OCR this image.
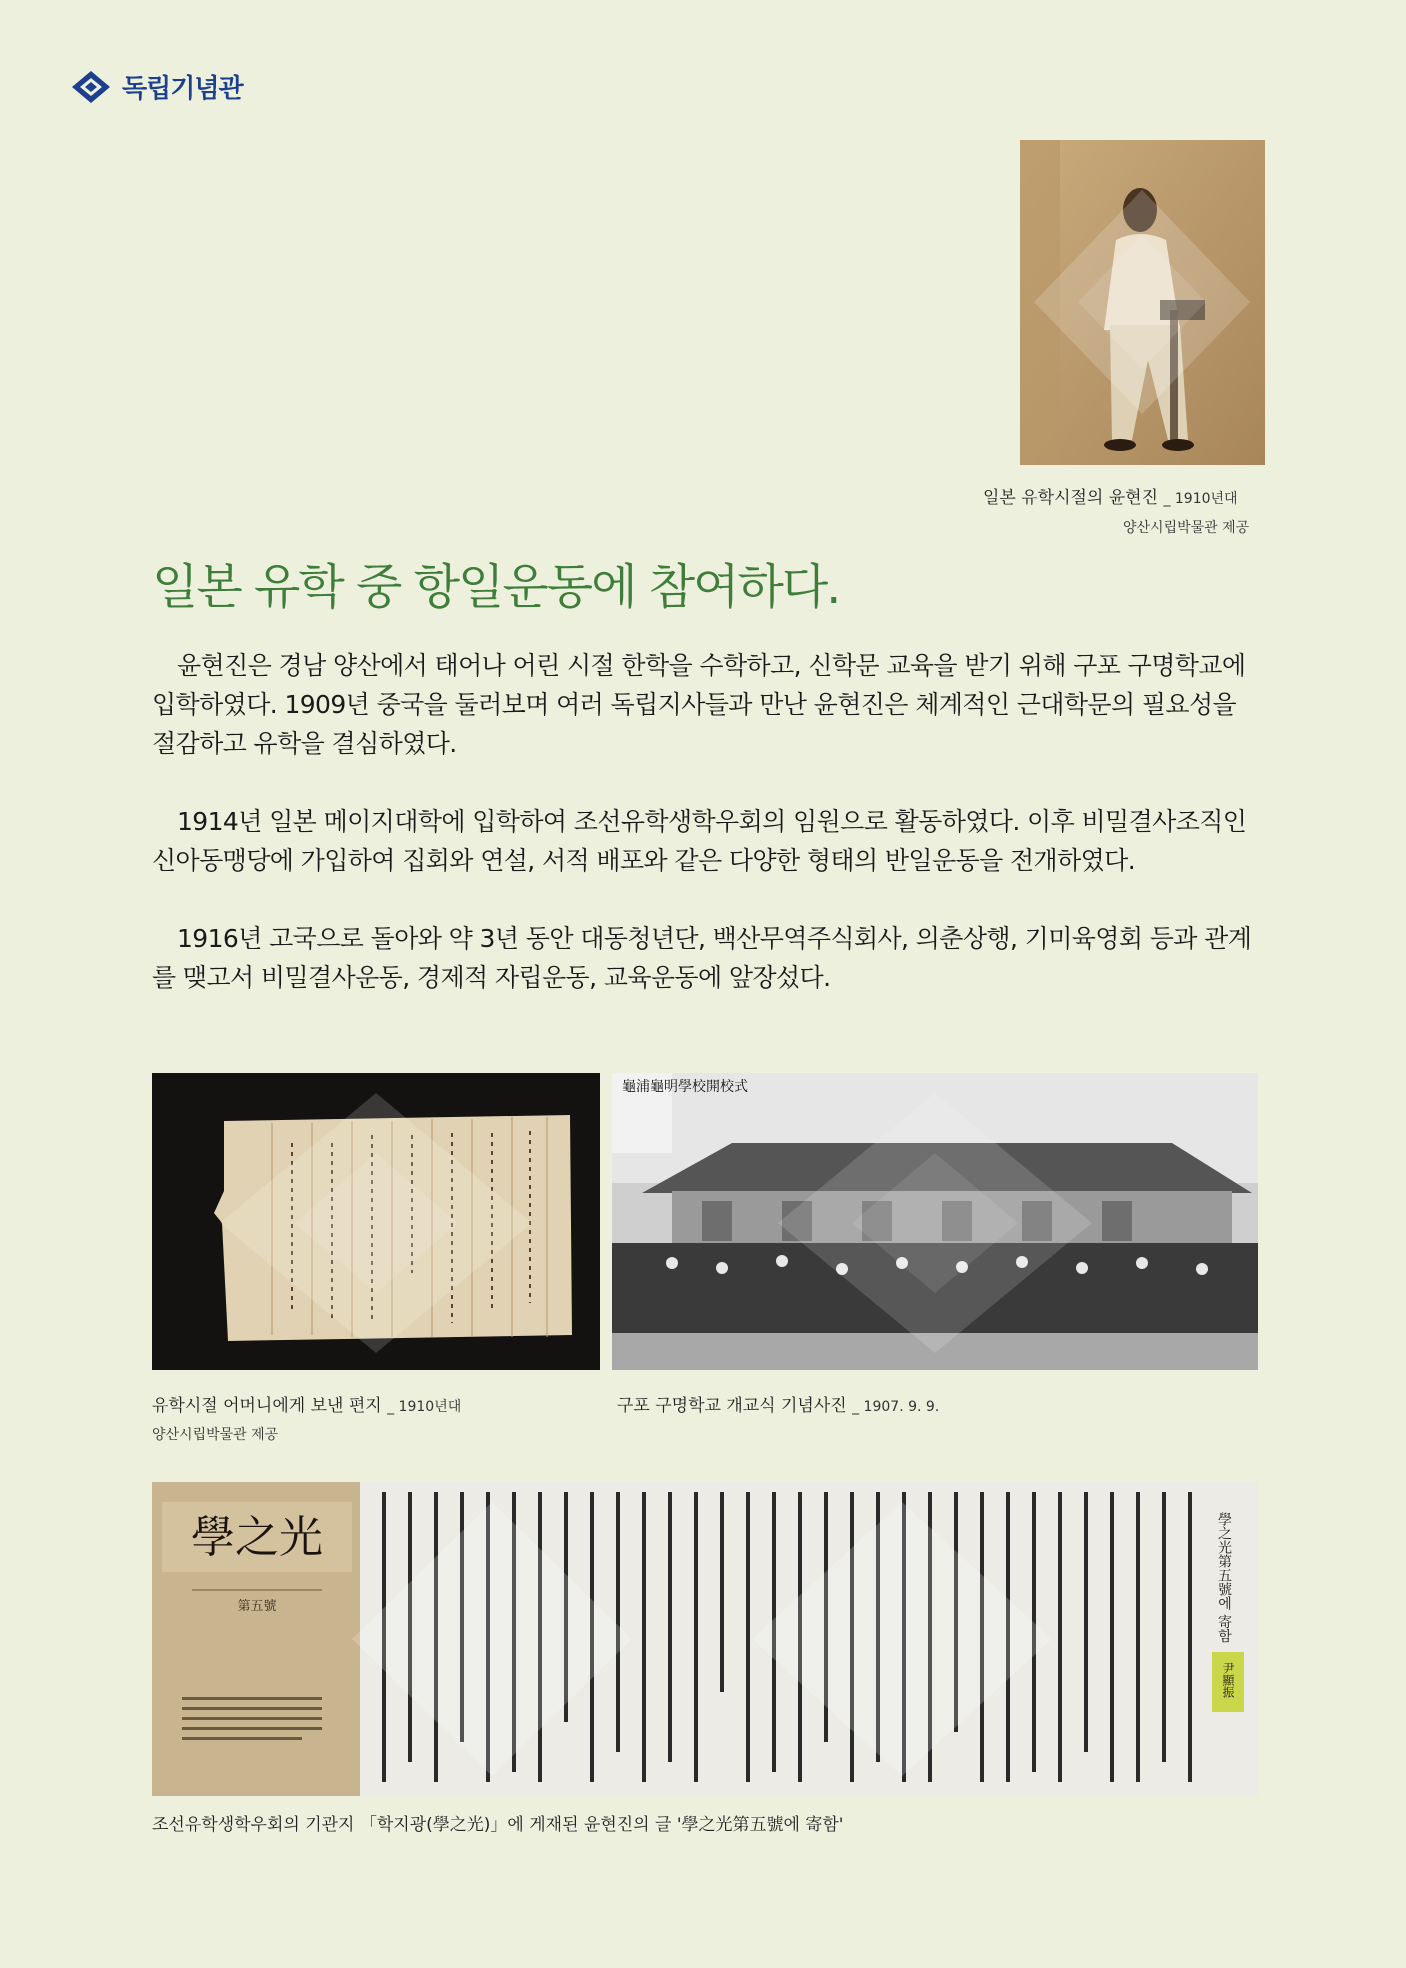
독립기념관
일본 유학시절의 윤현진 _ 1910년대
양산시립박물관 제공
일본 유학 중 항일운동에 참여하다.

윤현진은 경남 양산에서 태어나 어린 시절 한학을 수학하고, 신학문 교육을 받기 위해 구포 구명학교에 입학하였다. 1909년 중국을 둘러보며 여러 독립지사들과 만난 윤현진은 체계적인 근대학문의 필요성을 절감하고 유학을 결심하였다.

1914년 일본 메이지대학에 입학하여 조선유학생학우회의 임원으로 활동하였다. 이후 비밀결사조직인 신아동맹당에 가입하여 집회와 연설, 서적 배포와 같은 다양한 형태의 반일운동을 전개하였다.

1916년 고국으로 돌아와 약 3년 동안 대동청년단, 백산무역주식회사, 의춘상행, 기미육영회 등과 관계를 맺고서 비밀결사운동, 경제적 자립운동, 교육운동에 앞장섰다.

유학시절 어머니에게 보낸 편지 _ 1910년대
양산시립박물관 제공
龜浦龜明學校開校式
구포 구명학교 개교식 기념사진 _ 1907. 9. 9.
學之光
第五號	學之光第五號에 寄함
尹顯振
조선유학생학우회의 기관지 「학지광(學之光)」에 게재된 윤현진의 글 '學之光第五號에 寄함'
